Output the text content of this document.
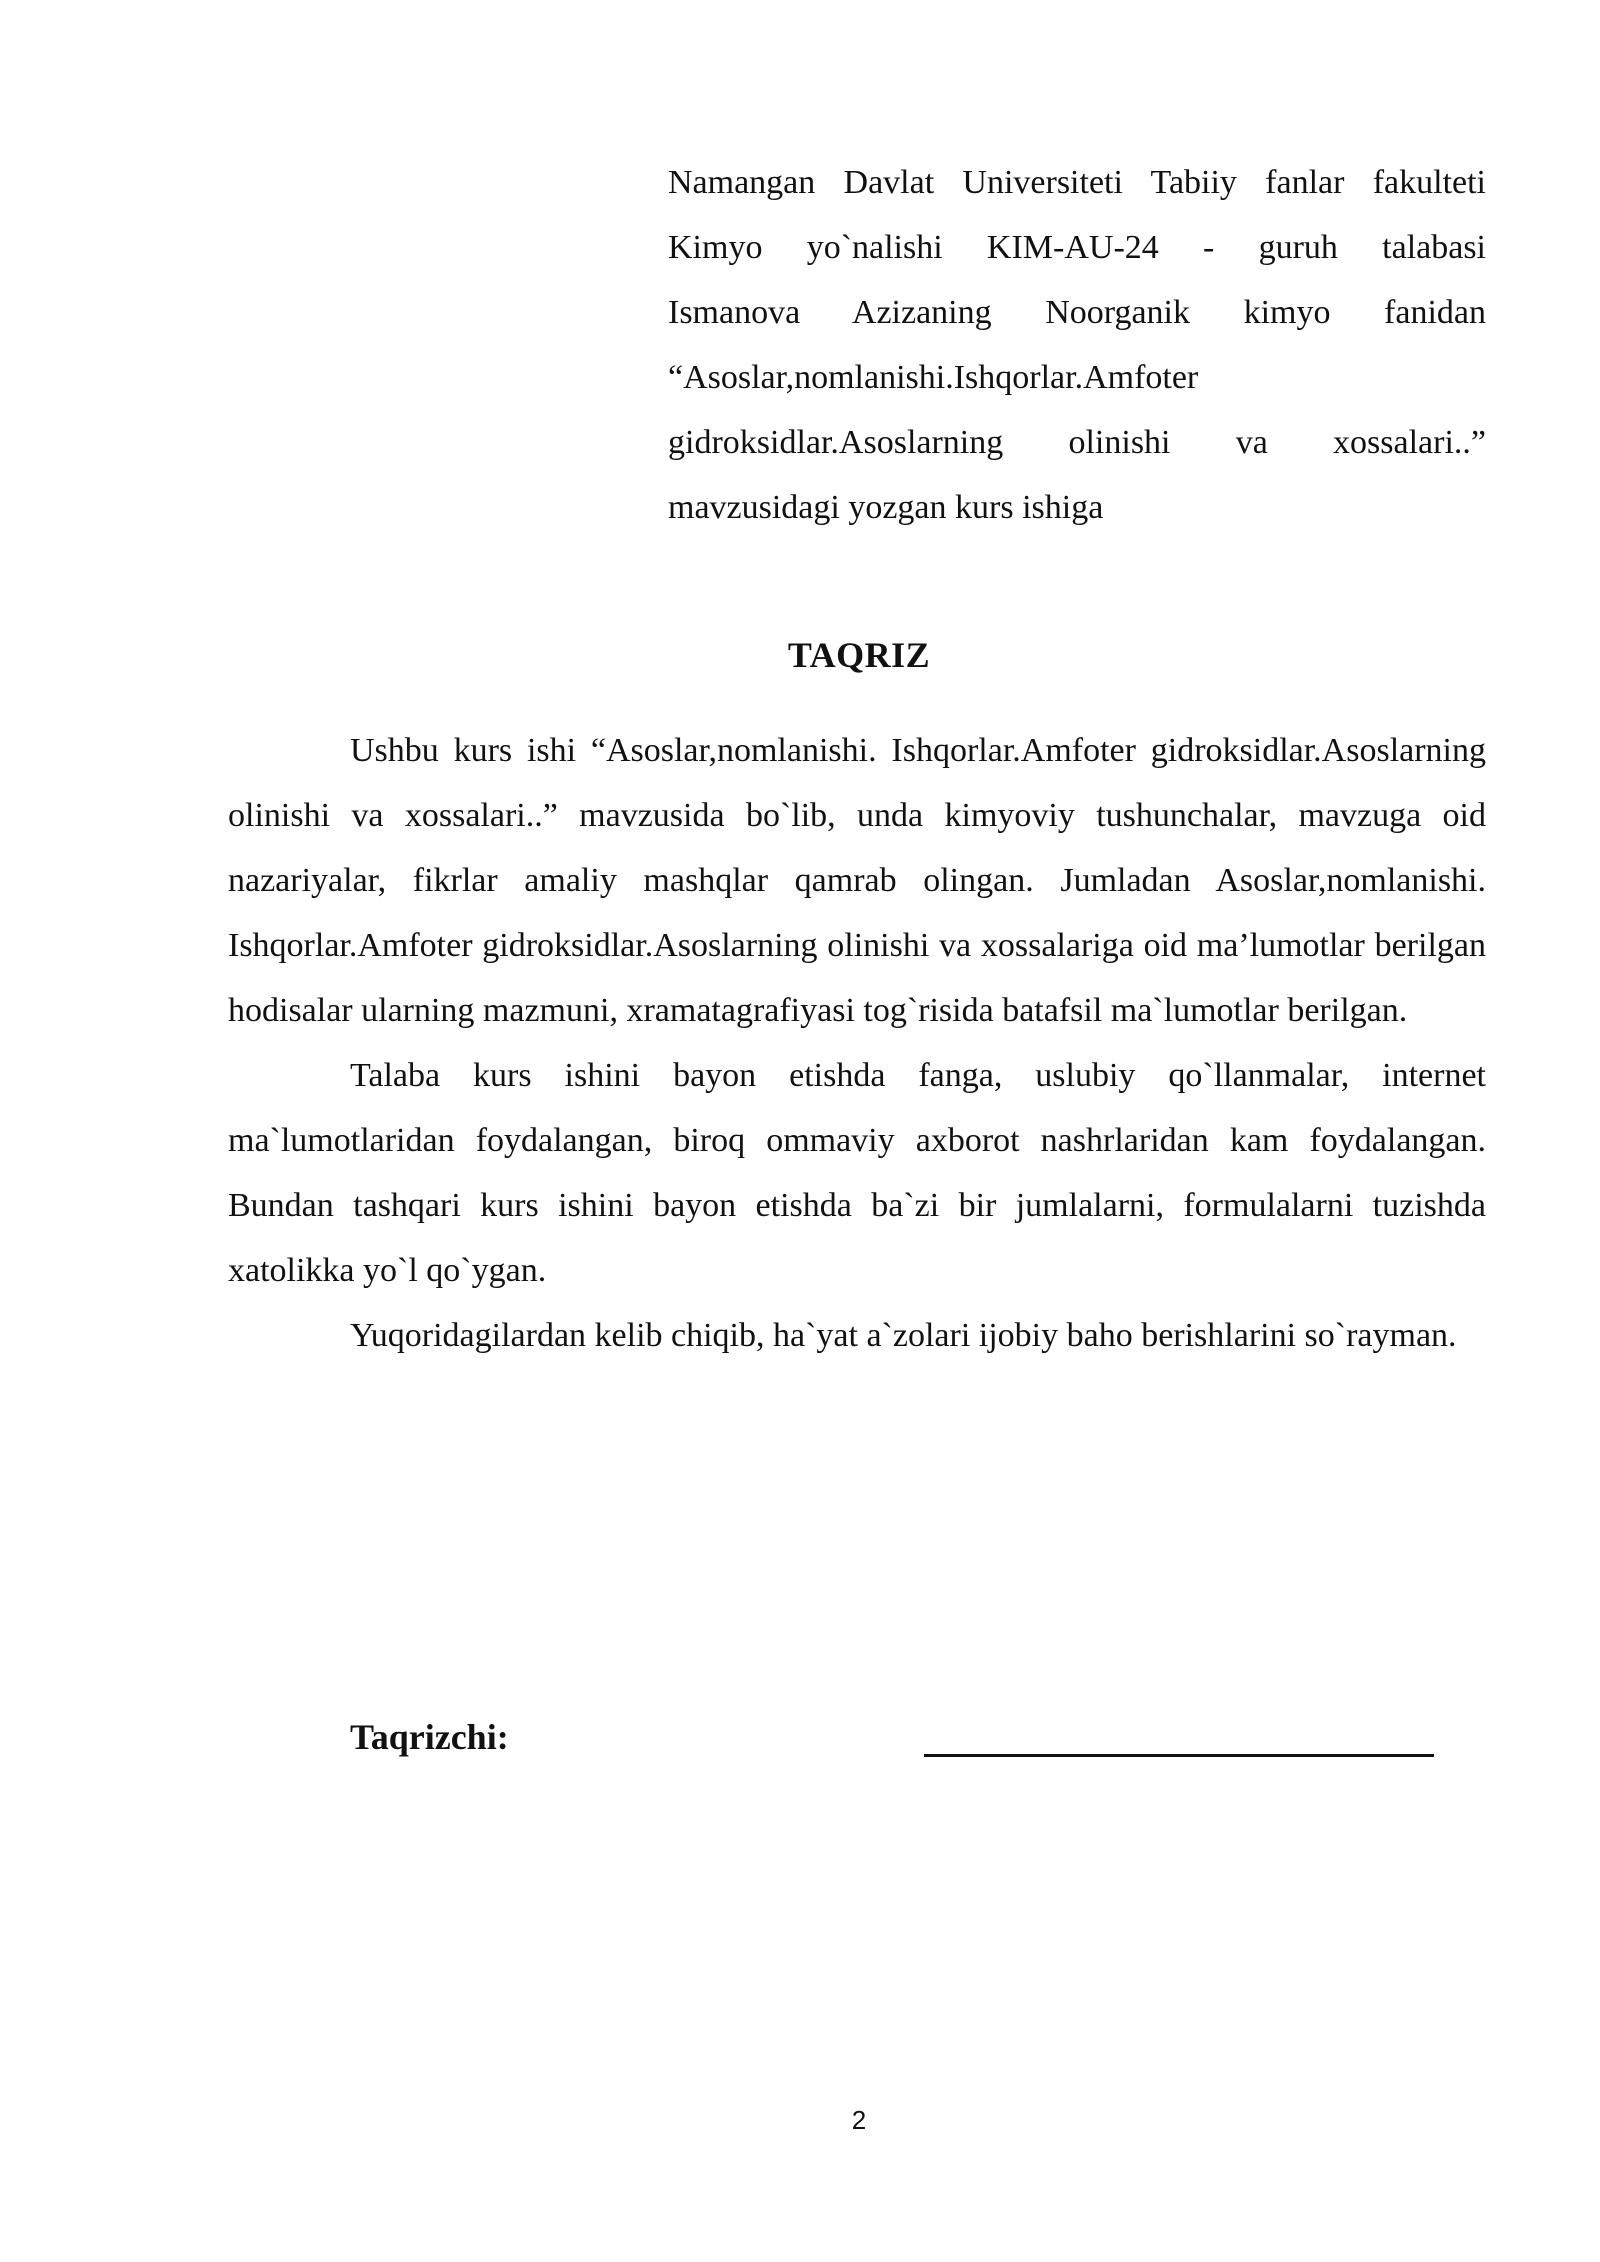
Namangan Davlat Universiteti Tabiiy fanlar fakulteti
Kimyo yo`nalishi KIM-AU-24 - guruh talabasi
Ismanova Azizaning Noorganik kimyo fanidan
“Asoslar,nomlanishi.Ishqorlar.Amfoter
gidroksidlar.Asoslarning olinishi va xossalari..”
mavzusidagi yozgan kurs ishiga
TAQRIZ

Ushbu kurs ishi “Asoslar,nomlanishi. Ishqorlar.Amfoter gidroksidlar.Asoslarning olinishi va xossalari..” mavzusida bo`lib, unda kimyoviy tushunchalar, mavzuga oid nazariyalar, fikrlar amaliy mashqlar qamrab olingan. Jumladan Asoslar,nomlanishi. Ishqorlar.Amfoter gidroksidlar.Asoslarning olinishi va xossalariga oid ma’lumotlar berilgan hodisalar ularning mazmuni, xramatagrafiyasi tog`risida batafsil ma`lumotlar berilgan.

Talaba kurs ishini bayon etishda fanga, uslubiy qo`llanmalar, internet ma`lumotlaridan foydalangan, biroq ommaviy axborot nashrlaridan kam foydalangan. Bundan tashqari kurs ishini bayon etishda ba`zi bir jumlalarni, formulalarni tuzishda xatolikka yo`l qo`ygan.

Yuqoridagilardan kelib chiqib, ha`yat a`zolari ijobiy baho berishlarini so`rayman.

Taqrizchi:
2
